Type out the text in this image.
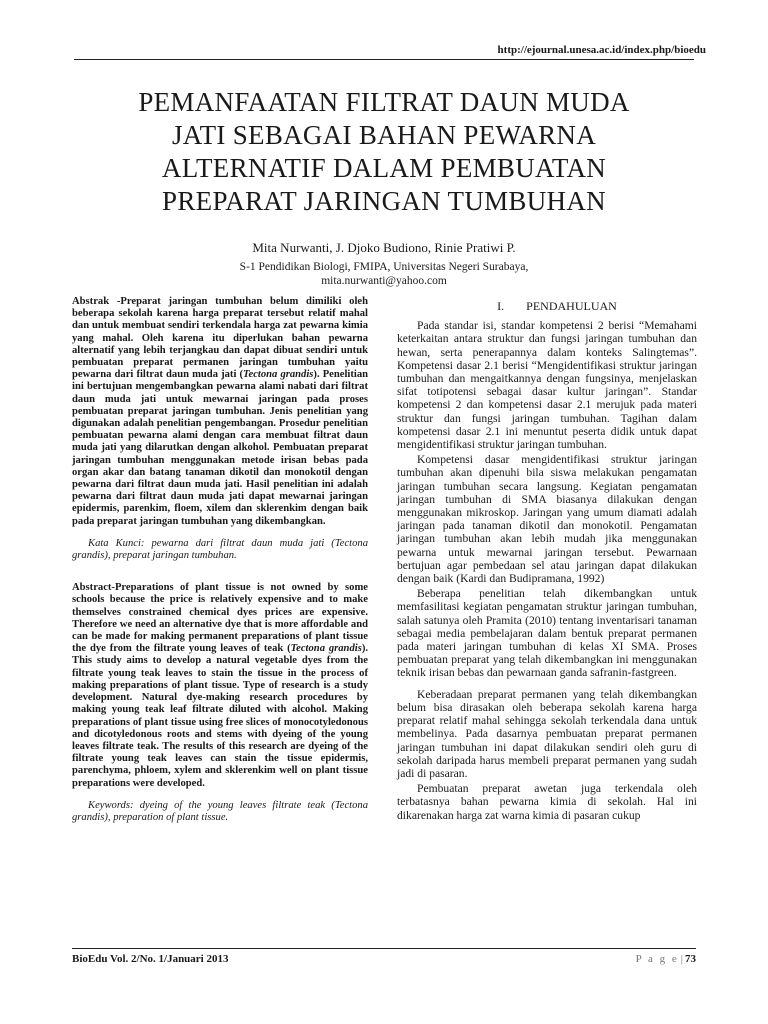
http://ejournal.unesa.ac.id/index.php/bioedu
PEMANFAATAN FILTRAT DAUN MUDA
JATI SEBAGAI BAHAN PEWARNA
ALTERNATIF DALAM PEMBUATAN
PREPARAT JARINGAN TUMBUHAN
Mita Nurwanti, J. Djoko Budiono, Rinie Pratiwi P.
S-1 Pendidikan Biologi, FMIPA, Universitas Negeri Surabaya,
mita.nurwanti@yahoo.com

Abstrak -Preparat jaringan tumbuhan belum dimiliki oleh beberapa sekolah karena harga preparat tersebut relatif mahal dan untuk membuat sendiri terkendala harga zat pewarna kimia yang mahal. Oleh karena itu diperlukan bahan pewarna alternatif yang lebih terjangkau dan dapat dibuat sendiri untuk pembuatan preparat permanen jaringan tumbuhan yaitu pewarna dari filtrat daun muda jati (Tectona grandis). Penelitian ini bertujuan mengembangkan pewarna alami nabati dari filtrat daun muda jati untuk mewarnai jaringan pada proses pembuatan preparat jaringan tumbuhan. Jenis penelitian yang digunakan adalah penelitian pengembangan. Prosedur penelitian pembuatan pewarna alami dengan cara membuat filtrat daun muda jati yang dilarutkan dengan alkohol. Pembuatan preparat jaringan tumbuhan menggunakan metode irisan bebas pada organ akar dan batang tanaman dikotil dan monokotil dengan pewarna dari filtrat daun muda jati. Hasil penelitian ini adalah pewarna dari filtrat daun muda jati dapat mewarnai jaringan epidermis, parenkim, floem, xilem dan sklerenkim dengan baik pada preparat jaringan tumbuhan yang dikembangkan.

Kata Kunci: pewarna dari filtrat daun muda jati (Tectona grandis), preparat jaringan tumbuhan.

Abstract-Preparations of plant tissue is not owned by some schools because the price is relatively expensive and to make themselves constrained chemical dyes prices are expensive. Therefore we need an alternative dye that is more affordable and can be made for making permanent preparations of plant tissue the dye from the filtrate young leaves of teak (Tectona grandis). This study aims to develop a natural vegetable dyes from the filtrate young teak leaves to stain the tissue in the process of making preparations of plant tissue. Type of research is a study development. Natural dye-making research procedures by making young teak leaf filtrate diluted with alcohol. Making preparations of plant tissue using free slices of monocotyledonous and dicotyledonous roots and stems with dyeing of the young leaves filtrate teak. The results of this research are dyeing of the filtrate young teak leaves can stain the tissue epidermis, parenchyma, phloem, xylem and sklerenkim well on plant tissue preparations were developed.

Keywords: dyeing of the young leaves filtrate teak (Tectona grandis), preparation of plant tissue.

I. PENDAHULUAN

Pada standar isi, standar kompetensi 2 berisi “Memahami keterkaitan antara struktur dan fungsi jaringan tumbuhan dan hewan, serta penerapannya dalam konteks Salingtemas”. Kompetensi dasar 2.1 berisi “Mengidentifikasi struktur jaringan tumbuhan dan mengaitkannya dengan fungsinya, menjelaskan sifat totipotensi sebagai dasar kultur jaringan”. Standar kompetensi 2 dan kompetensi dasar 2.1 merujuk pada materi struktur dan fungsi jaringan tumbuhan. Tagihan dalam kompetensi dasar 2.1 ini menuntut peserta didik untuk dapat mengidentifikasi struktur jaringan tumbuhan.

Kompetensi dasar mengidentifikasi struktur jaringan tumbuhan akan dipenuhi bila siswa melakukan pengamatan jaringan tumbuhan secara langsung. Kegiatan pengamatan jaringan tumbuhan di SMA biasanya dilakukan dengan menggunakan mikroskop. Jaringan yang umum diamati adalah jaringan pada tanaman dikotil dan monokotil. Pengamatan jaringan tumbuhan akan lebih mudah jika menggunakan pewarna untuk mewarnai jaringan tersebut. Pewarnaan bertujuan agar pembedaan sel atau jaringan dapat dilakukan dengan baik (Kardi dan Budipramana, 1992)

Beberapa penelitian telah dikembangkan untuk memfasilitasi kegiatan pengamatan struktur jaringan tumbuhan, salah satunya oleh Pramita (2010) tentang inventarisari tanaman sebagai media pembelajaran dalam bentuk preparat permanen pada materi jaringan tumbuhan di kelas XI SMA. Proses pembuatan preparat yang telah dikembangkan ini menggunakan teknik irisan bebas dan pewarnaan ganda safranin-fastgreen.

Keberadaan preparat permanen yang telah dikembangkan belum bisa dirasakan oleh beberapa sekolah karena harga preparat relatif mahal sehingga sekolah terkendala dana untuk membelinya. Pada dasarnya pembuatan preparat permanen jaringan tumbuhan ini dapat dilakukan sendiri oleh guru di sekolah daripada harus membeli preparat permanen yang sudah jadi di pasaran.

Pembuatan preparat awetan juga terkendala oleh terbatasnya bahan pewarna kimia di sekolah. Hal ini dikarenakan harga zat warna kimia di pasaran cukup

BioEdu Vol. 2/No. 1/Januari 2013	P a g e | 73
